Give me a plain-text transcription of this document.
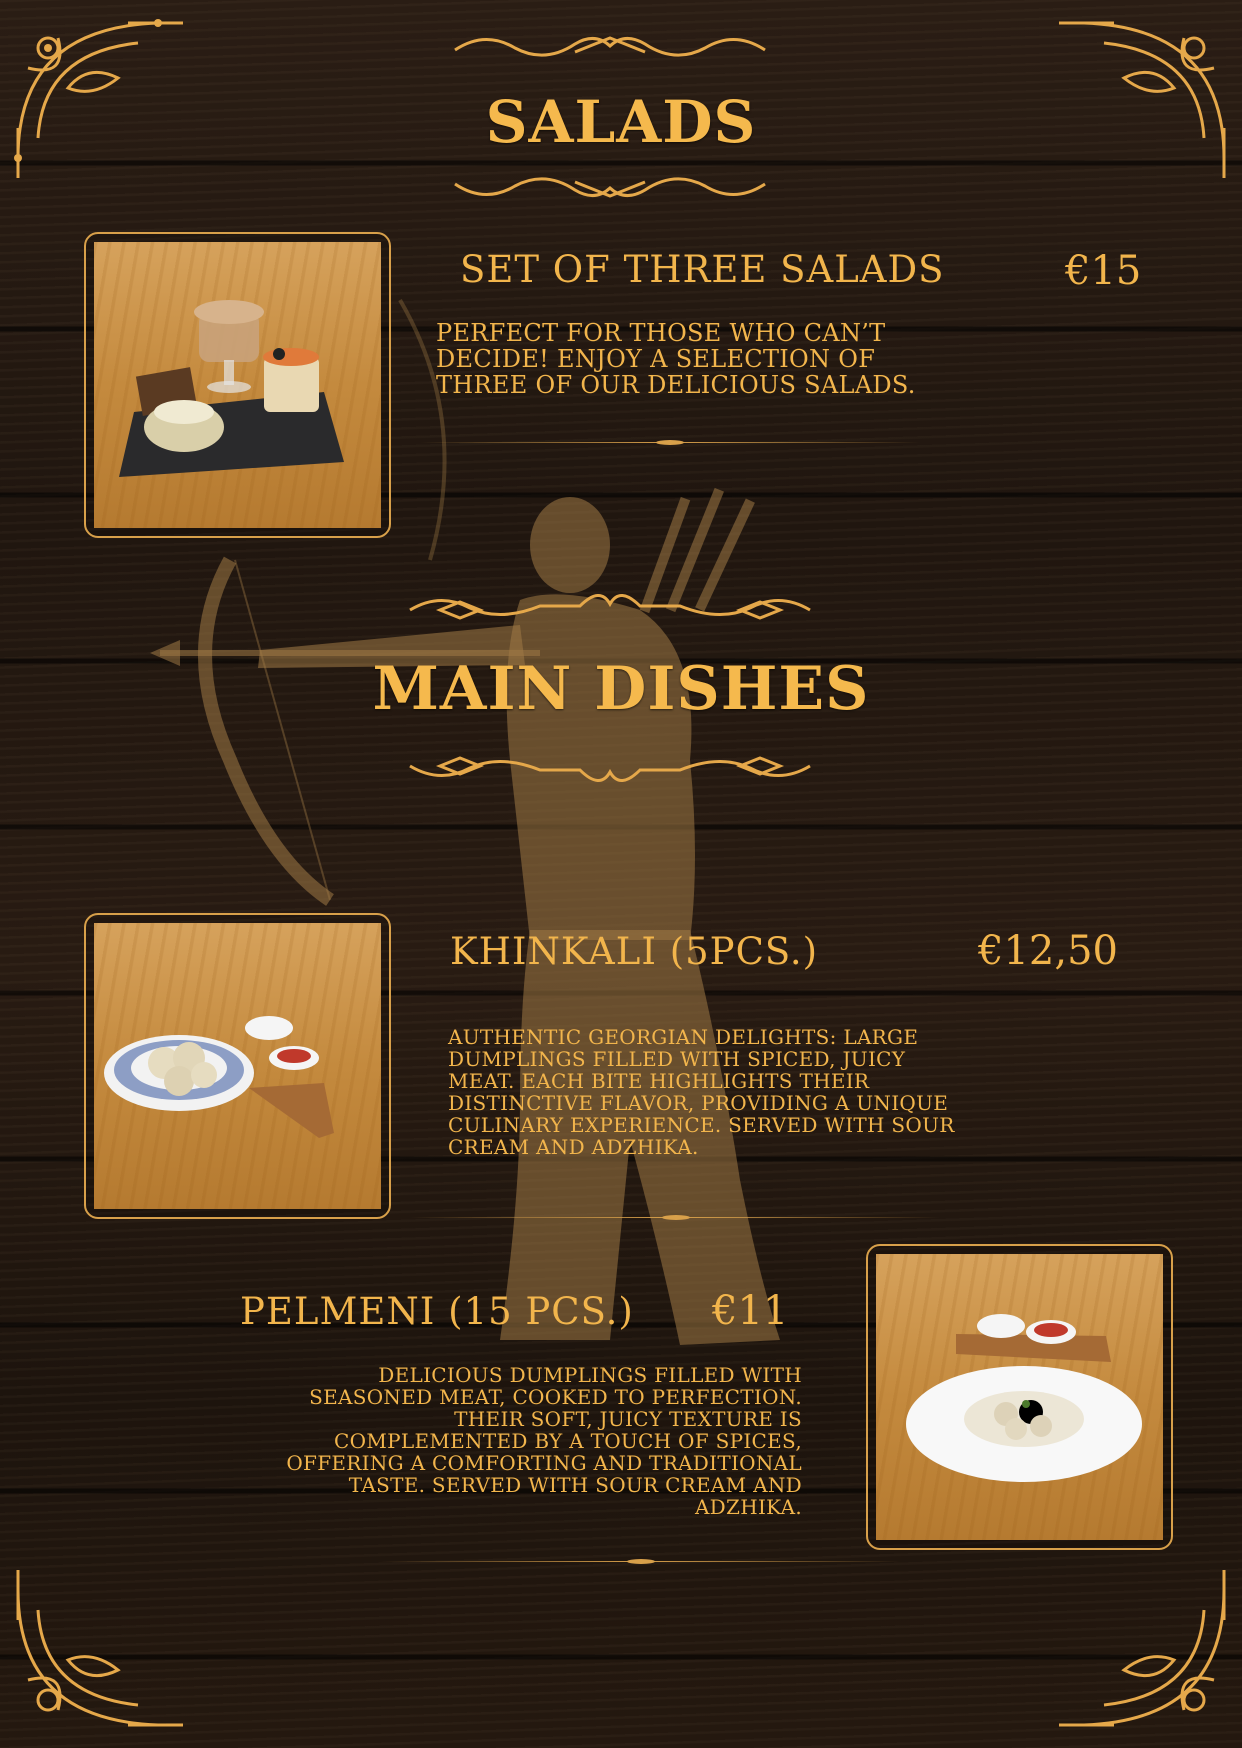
SALADS
SET OF THREE SALADS	€15
PERFECT FOR THOSE WHO CAN’T DECIDE! ENJOY A SELECTION OF THREE OF OUR DELICIOUS SALADS.
MAIN DISHES
KHINKALI (5PCS.)	€12,50
AUTHENTIC GEORGIAN DELIGHTS: LARGE DUMPLINGS FILLED WITH SPICED, JUICY MEAT. EACH BITE HIGHLIGHTS THEIR DISTINCTIVE FLAVOR, PROVIDING A UNIQUE CULINARY EXPERIENCE. SERVED WITH SOUR CREAM AND ADZHIKA.
PELMENI (15 PCS.) €11
DELICIOUS DUMPLINGS FILLED WITH SEASONED MEAT, COOKED TO PERFECTION. THEIR SOFT, JUICY TEXTURE IS COMPLEMENTED BY A TOUCH OF SPICES, OFFERING A COMFORTING AND TRADITIONAL TASTE. SERVED WITH SOUR CREAM AND ADZHIKA.
